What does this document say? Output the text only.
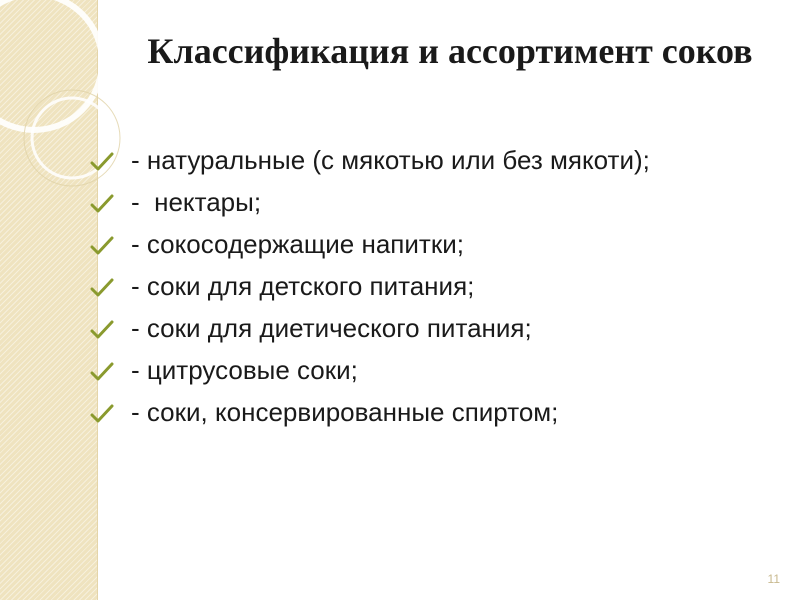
Классификация и ассортимент соков
- натуральные (с мякотью или без мякоти);
-  нектары;
- сокосодержащие напитки;
- соки для детского питания;
- соки для диетического питания;
- цитрусовые соки;
- соки, консервированные спиртом;
11
